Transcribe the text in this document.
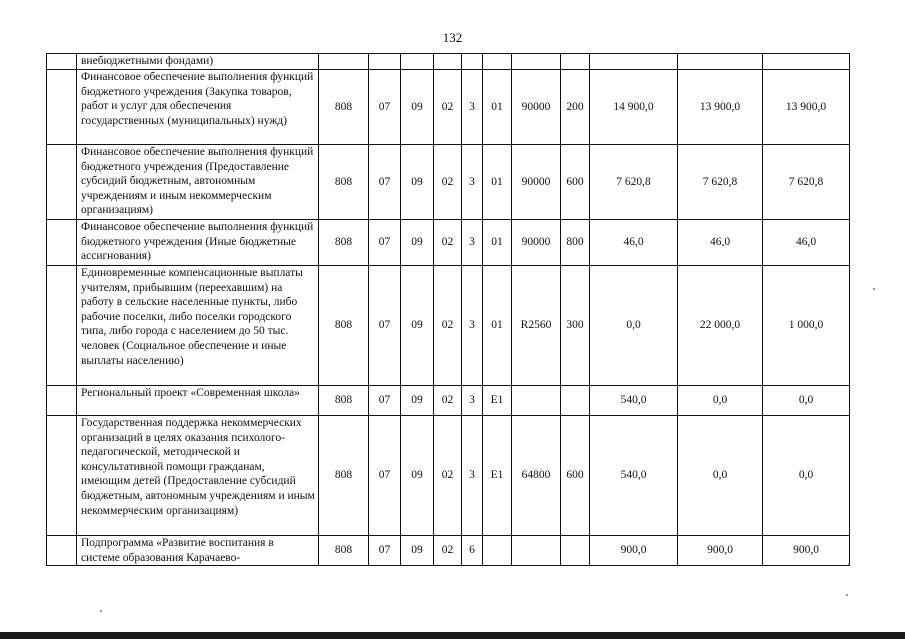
132
	внебюджетными фондами)											
	Финансовое обеспечение выполнения функций бюджетного учреждения (Закупка товаров, работ и услуг для обеспечения государственных (муниципальных) нужд)	808	07	09	02	3	01	90000	200	14 900,0	13 900,0	13 900,0
	Финансовое обеспечение выполнения функций бюджетного учреждения (Предоставление субсидий бюджетным, автономным учреждениям и иным некоммерческим организациям)	808	07	09	02	3	01	90000	600	7 620,8	7 620,8	7 620,8
	Финансовое обеспечение выполнения функций бюджетного учреждения (Иные бюджетные ассигнования)	808	07	09	02	3	01	90000	800	46,0	46,0	46,0
	Единовременные компенсационные выплаты учителям, прибывшим (переехавшим) на работу в сельские населенные пункты, либо рабочие поселки, либо поселки городского типа, либо города с населением до 50 тыс. человек (Социальное обеспечение и иные выплаты населению)	808	07	09	02	3	01	R2560	300	0,0	22 000,0	1 000,0
	Региональный проект «Современная школа»	808	07	09	02	3	E1			540,0	0,0	0,0
	Государственная поддержка некоммерческих организаций в целях оказания психолого-педагогической, методической и консультативной помощи гражданам, имеющим детей (Предоставление субсидий бюджетным, автономным учреждениям и иным некоммерческим организациям)	808	07	09	02	3	E1	64800	600	540,0	0,0	0,0
	Подпрограмма «Развитие воспитания в системе образования Карачаево-	808	07	09	02	6				900,0	900,0	900,0
